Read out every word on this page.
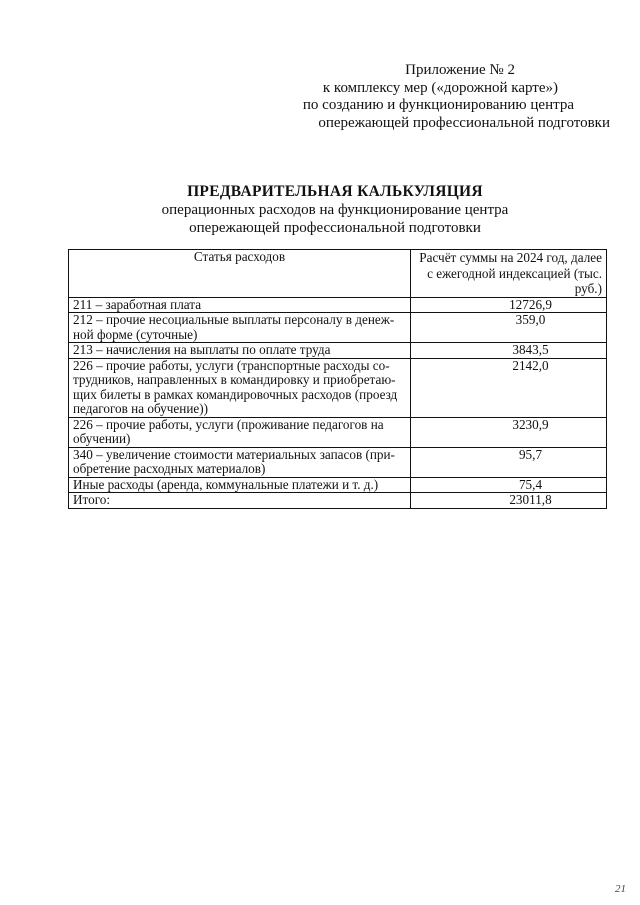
Приложение № 2
к комплексу мер («дорожной карте»)
по созданию и функционированию центра
опережающей профессиональной подготовки
ПРЕДВАРИТЕЛЬНАЯ КАЛЬКУЛЯЦИЯ
операционных расходов на функционирование центра
опережающей профессиональной подготовки
Статья расходов	Расчёт суммы на 2024 год, далее
с ежегодной индексацией (тыс.
руб.)

211 – заработная плата	12726,9

212 – прочие несоциальные выплаты персоналу в денеж-
ной форме (суточные)	359,0

213 – начисления на выплаты по оплате труда	3843,5

226 – прочие работы, услуги (транспортные расходы со-
трудников, направленных в командировку и приобретаю-
щих билеты в рамках командировочных расходов (проезд
педагогов на обучение))	2142,0

226 – прочие работы, услуги (проживание педагогов на
обучении)	3230,9

340 – увеличение стоимости материальных запасов (при-
обретение расходных материалов)	95,7

Иные расходы (аренда, коммунальные платежи и т. д.)	75,4

Итого:	23011,8
21
